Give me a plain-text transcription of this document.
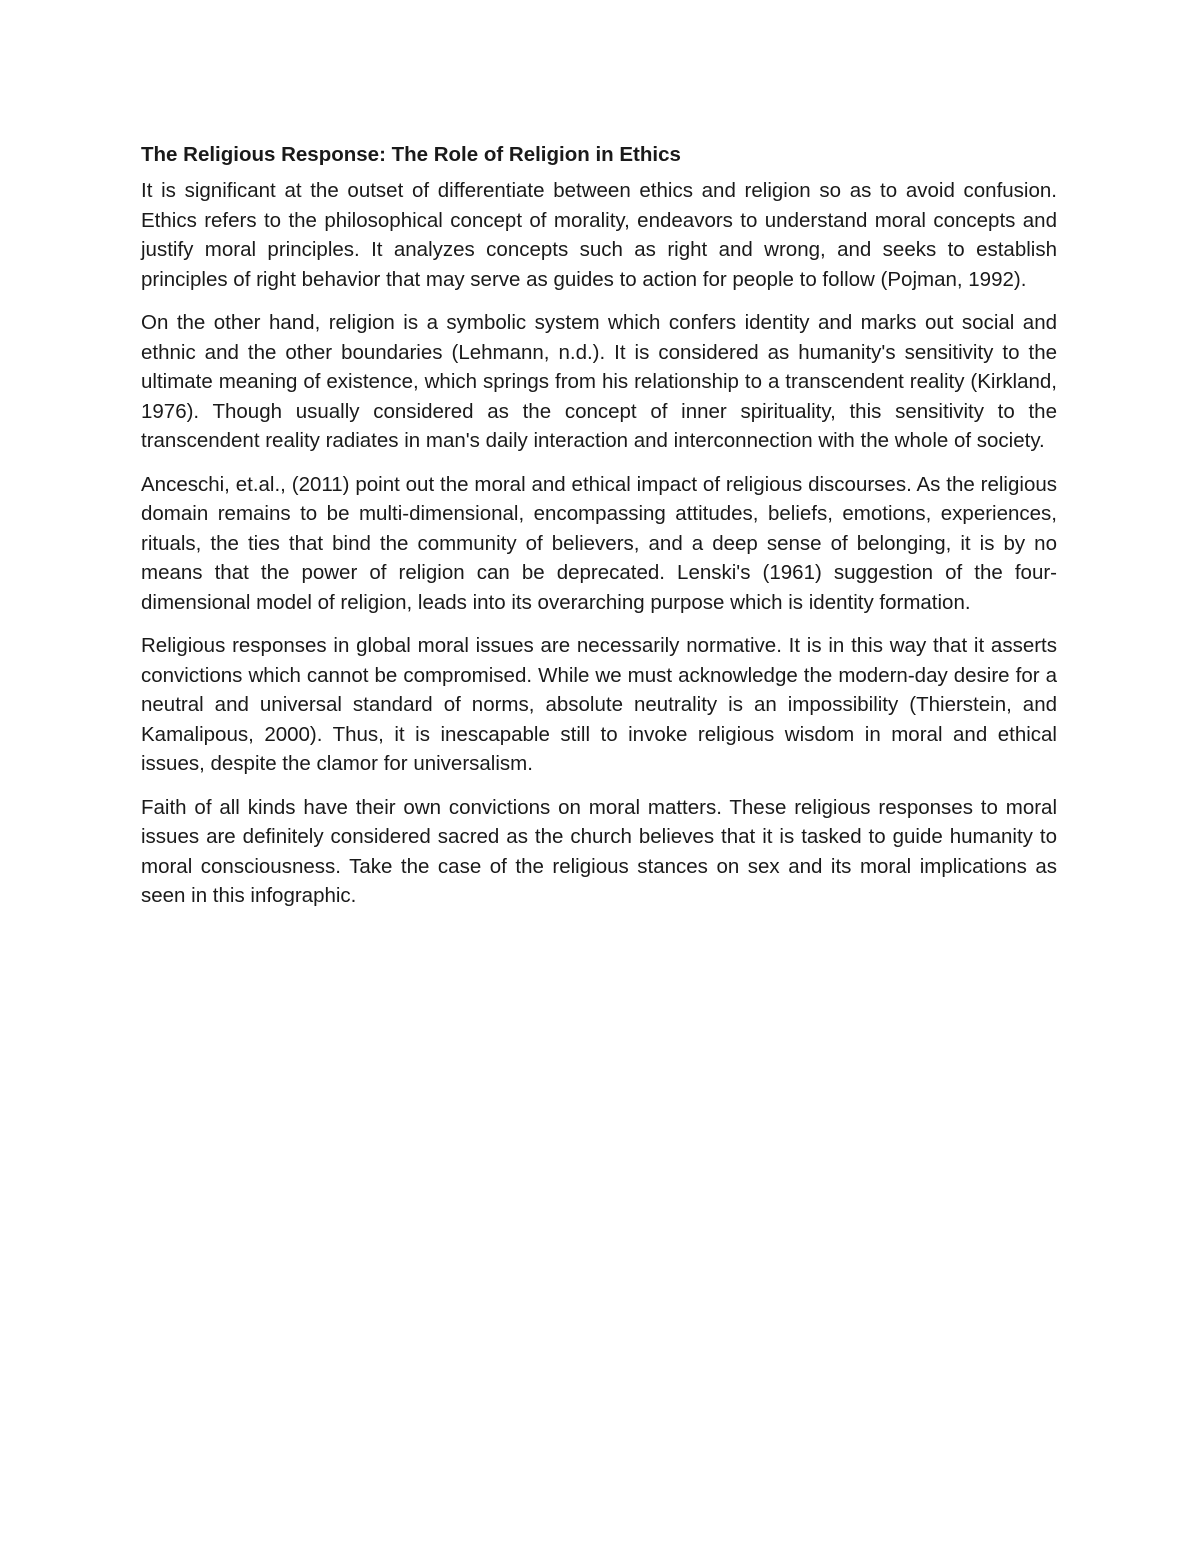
The Religious Response: The Role of Religion in Ethics

It is significant at the outset of differentiate between ethics and religion so as to avoid confusion. Ethics refers to the philosophical concept of morality, endeavors to understand moral concepts and justify moral principles. It analyzes concepts such as right and wrong, and seeks to establish principles of right behavior that may serve as guides to action for people to follow (Pojman, 1992).

On the other hand, religion is a symbolic system which confers identity and marks out social and ethnic and the other boundaries (Lehmann, n.d.). It is considered as humanity's sensitivity to the ultimate meaning of existence, which springs from his relationship to a transcendent reality (Kirkland, 1976). Though usually considered as the concept of inner spirituality, this sensitivity to the transcendent reality radiates in man's daily interaction and interconnection with the whole of society.

Anceschi, et.al., (2011) point out the moral and ethical impact of religious discourses. As the religious domain remains to be multi-dimensional, encompassing attitudes, beliefs, emotions, experiences, rituals, the ties that bind the community of believers, and a deep sense of belonging, it is by no means that the power of religion can be deprecated. Lenski's (1961) suggestion of the four-dimensional model of religion, leads into its overarching purpose which is identity formation.

Religious responses in global moral issues are necessarily normative. It is in this way that it asserts convictions which cannot be compromised. While we must acknowledge the modern-day desire for a neutral and universal standard of norms, absolute neutrality is an impossibility (Thierstein, and Kamalipous, 2000). Thus, it is inescapable still to invoke religious wisdom in moral and ethical issues, despite the clamor for universalism.

Faith of all kinds have their own convictions on moral matters. These religious responses to moral issues are definitely considered sacred as the church believes that it is tasked to guide humanity to moral consciousness. Take the case of the religious stances on sex and its moral implications as seen in this infographic.
